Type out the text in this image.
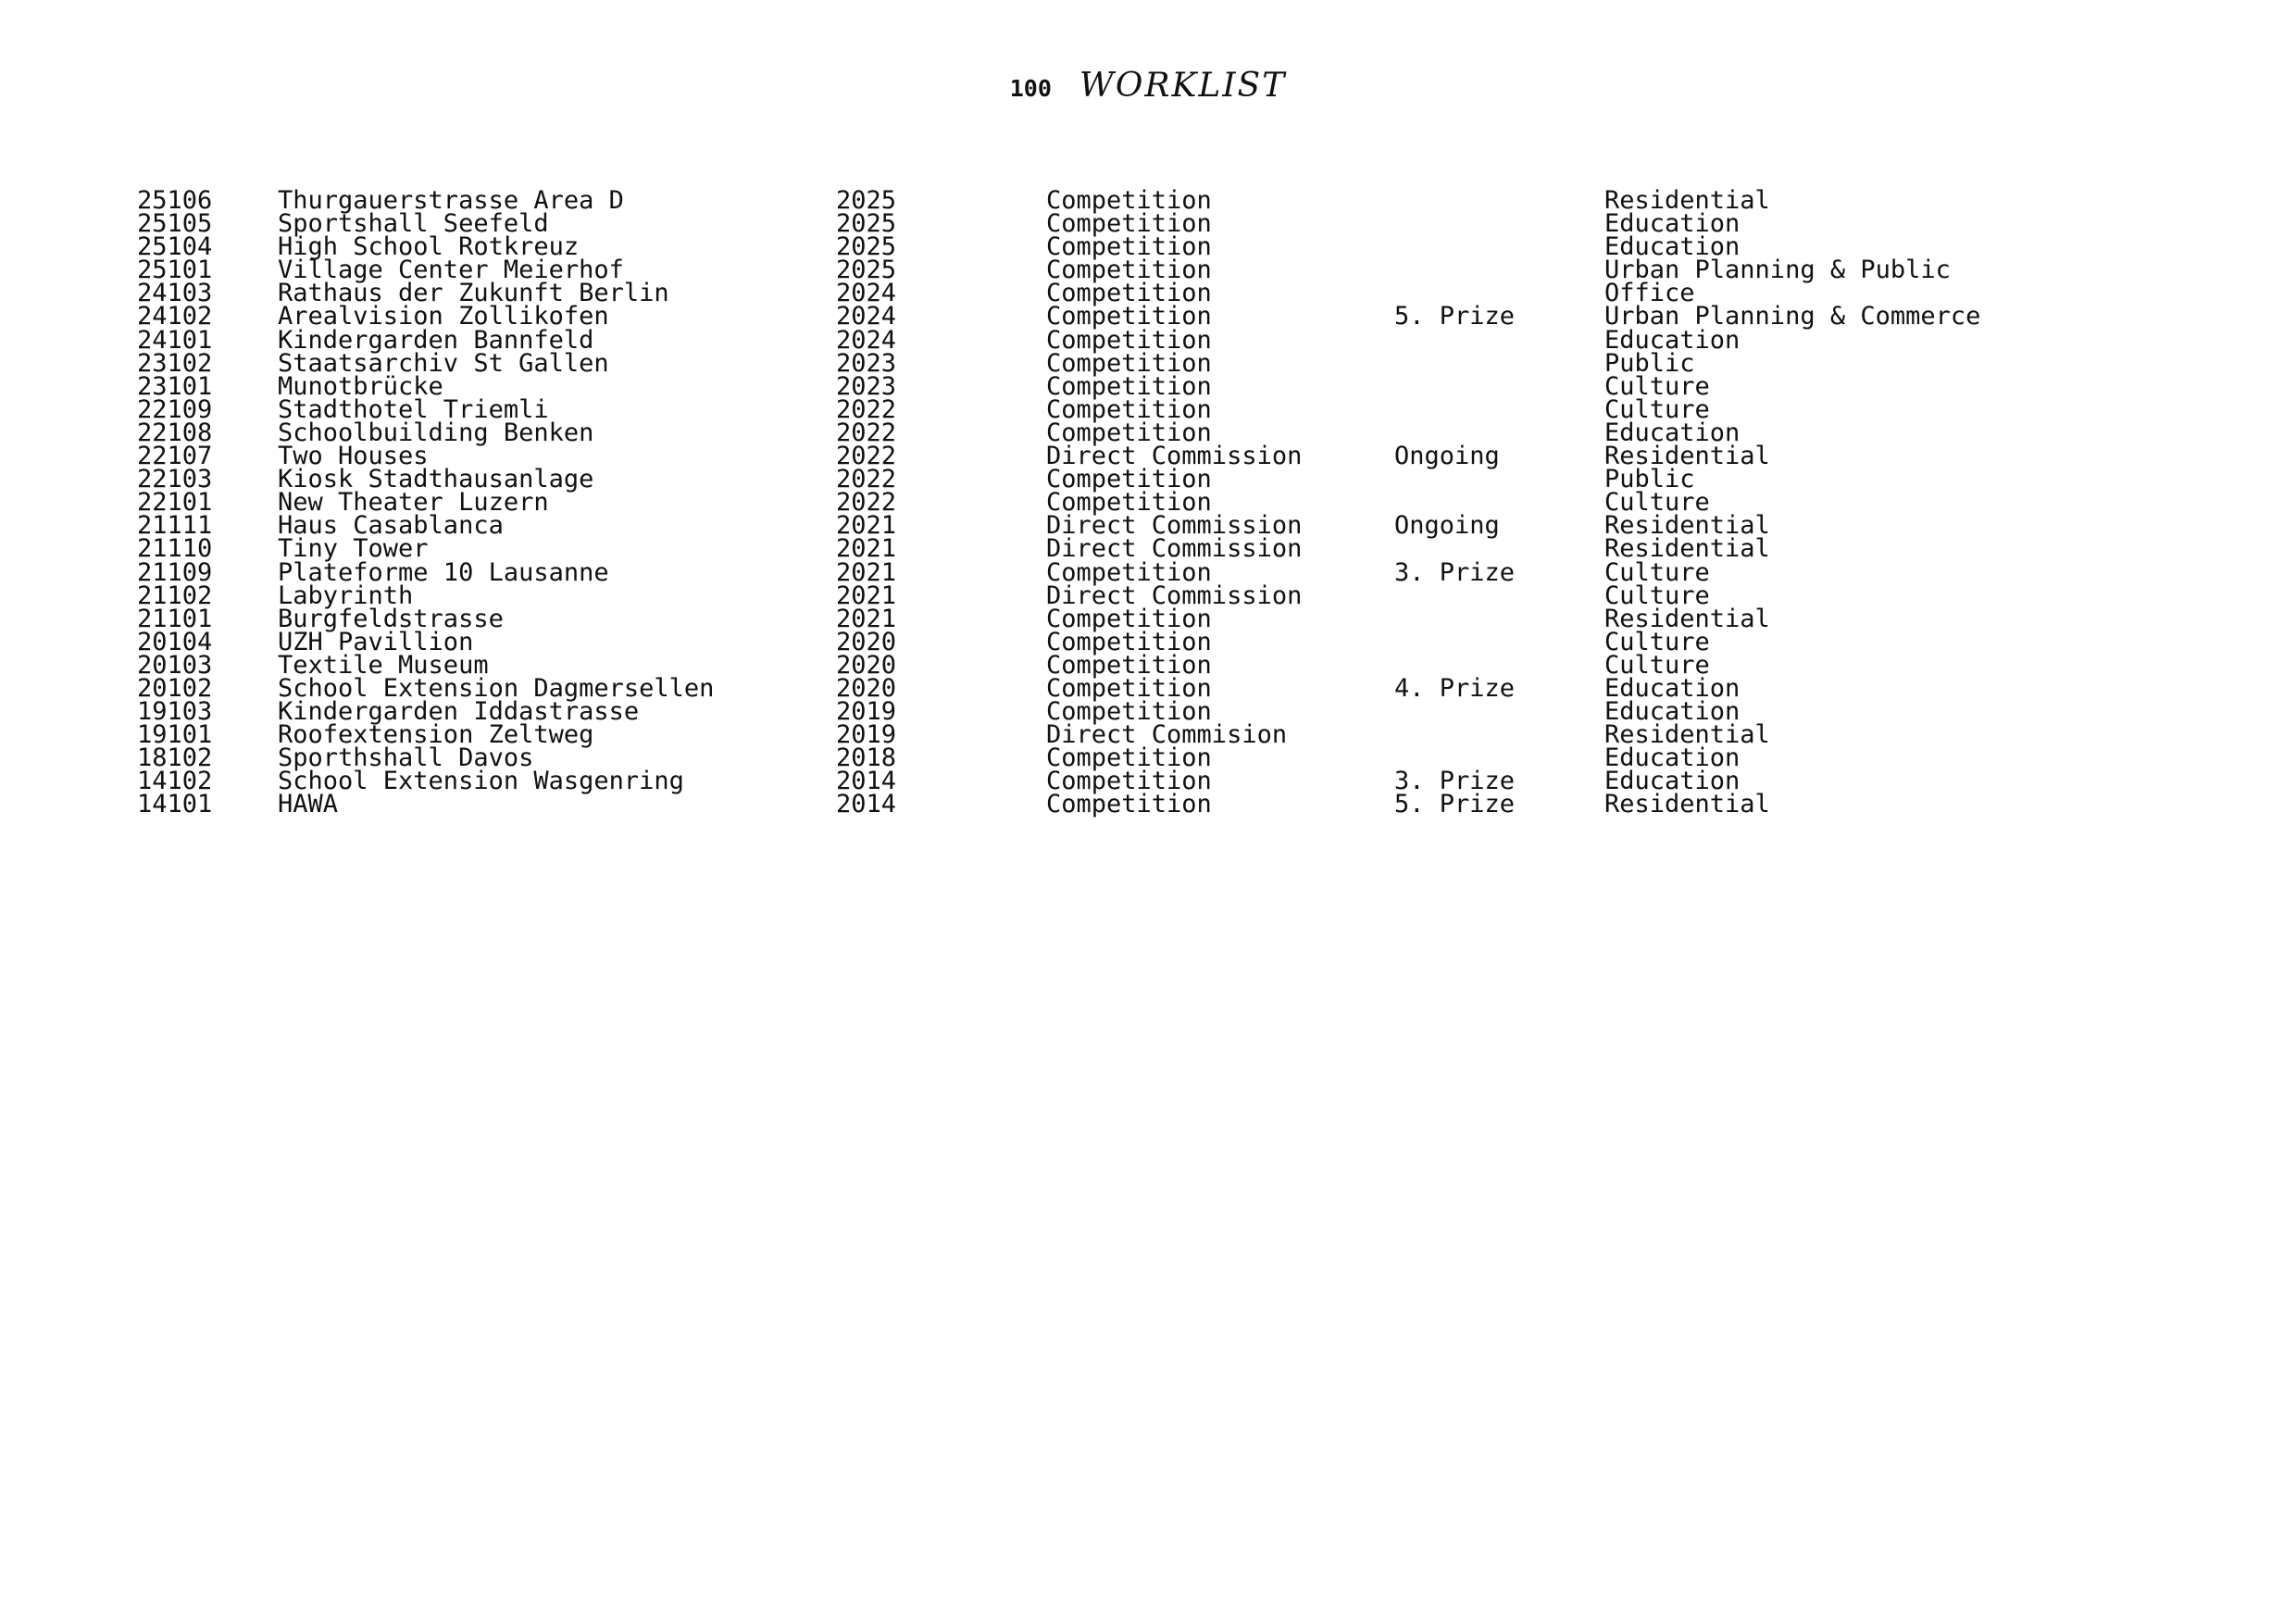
100 WORKLIST
25106	Thurgauerstrasse Area D	2025	Competition		Residential
25105	Sportshall Seefeld	2025	Competition		Education
25104	High School Rotkreuz	2025	Competition		Education
25101	Village Center Meierhof	2025	Competition		Urban Planning & Public
24103	Rathaus der Zukunft Berlin	2024	Competition		Office
24102	Arealvision Zollikofen	2024	Competition	5. Prize	Urban Planning & Commerce
24101	Kindergarden Bannfeld	2024	Competition		Education
23102	Staatsarchiv St Gallen	2023	Competition		Public
23101	Munotbrücke	2023	Competition		Culture
22109	Stadthotel Triemli	2022	Competition		Culture
22108	Schoolbuilding Benken	2022	Competition		Education
22107	Two Houses	2022	Direct Commission	Ongoing	Residential
22103	Kiosk Stadthausanlage	2022	Competition		Public
22101	New Theater Luzern	2022	Competition		Culture
21111	Haus Casablanca	2021	Direct Commission	Ongoing	Residential
21110	Tiny Tower	2021	Direct Commission		Residential
21109	Plateforme 10 Lausanne	2021	Competition	3. Prize	Culture
21102	Labyrinth	2021	Direct Commission		Culture
21101	Burgfeldstrasse	2021	Competition		Residential
20104	UZH Pavillion	2020	Competition		Culture
20103	Textile Museum	2020	Competition		Culture
20102	School Extension Dagmersellen	2020	Competition	4. Prize	Education
19103	Kindergarden Iddastrasse	2019	Competition		Education
19101	Roofextension Zeltweg	2019	Direct Commision		Residential
18102	Sporthshall Davos	2018	Competition		Education
14102	School Extension Wasgenring	2014	Competition	3. Prize	Education
14101	HAWA	2014	Competition	5. Prize	Residential
